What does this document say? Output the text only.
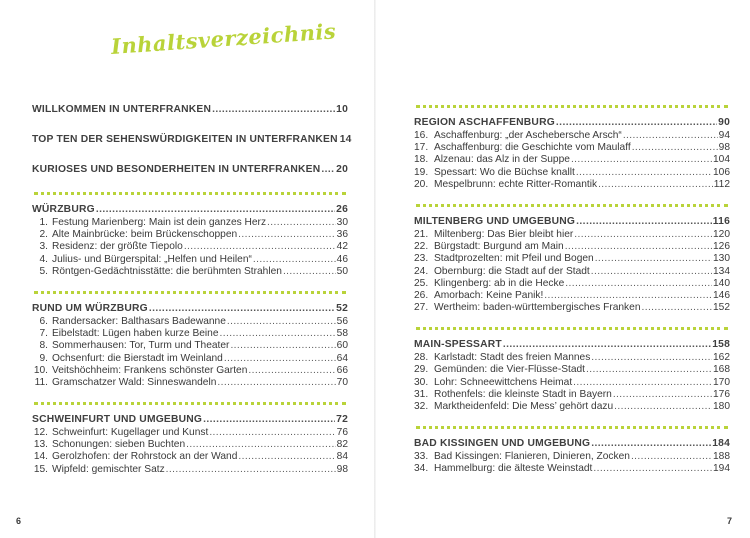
Inhaltsverzeichnis
WILLKOMMEN IN UNTERFRANKEN .....	10
TOP TEN DER SEHENSWÜRDIGKEITEN IN UNTERFRANKEN 14
KURIOSES UND BESONDERHEITEN IN UNTERFRANKEN ..... 20
WÜRZBURG .....	26
1. Festung Marienberg: Main ist dein ganzes Herz .....	30
2. Alte Mainbrücke: beim Brückenschoppen .....	36
3. Residenz: der größte Tiepolo .....	42
4. Julius- und Bürgerspital: „Helfen und Heilen“ .....	46
5. Röntgen-Gedächtnisstätte: die berühmten Strahlen .....	50
RUND UM WÜRZBURG .....	52
6. Randersacker: Balthasars Badewanne .....	56
7. Eibelstadt: Lügen haben kurze Beine .....	58
8. Sommerhausen: Tor, Turm und Theater .....	60
9. Ochsenfurt: die Bierstadt im Weinland .....	64
10. Veitshöchheim: Frankens schönster Garten .....	66
11. Gramschatzer Wald: Sinneswandeln .....	70
SCHWEINFURT UND UMGEBUNG .....	72
12. Schweinfurt: Kugellager und Kunst .....	76
13. Schonungen: sieben Buchten .....	82
14. Gerolzhofen: der Rohrstock an der Wand .....	84
15. Wipfeld: gemischter Satz .....	98
REGION ASCHAFFENBURG .....	90
16. Aschaffenburg: „der Aschebersche Arsch“ .....	94
17. Aschaffenburg: die Geschichte vom Maulaff .....	98
18. Alzenau: das Alz in der Suppe .....	104
19. Spessart: Wo die Büchse knallt .....	106
20. Mespelbrunn: echte Ritter-Romantik .....	112
MILTENBERG UND UMGEBUNG .....	116
21. Miltenberg: Das Bier bleibt hier .....	120
22. Bürgstadt: Burgund am Main .....	126
23. Stadtprozelten: mit Pfeil und Bogen .....	130
24. Obernburg: die Stadt auf der Stadt .....	134
25. Klingenberg: ab in die Hecke .....	140
26. Amorbach: Keine Panik! .....	146
27. Wertheim: baden-württembergisches Franken .....	152
MAIN-SPESSART .....	158
28. Karlstadt: Stadt des freien Mannes .....	162
29. Gemünden: die Vier-Flüsse-Stadt .....	168
30. Lohr: Schneewittchens Heimat .....	170
31. Rothenfels: die kleinste Stadt in Bayern .....	176
32. Marktheidenfeld: Die Mess’ gehört dazu .....	180
BAD KISSINGEN UND UMGEBUNG .....	184
33. Bad Kissingen: Flanieren, Dinieren, Zocken .....	188
34. Hammelburg: die älteste Weinstadt .....	194
6	7
